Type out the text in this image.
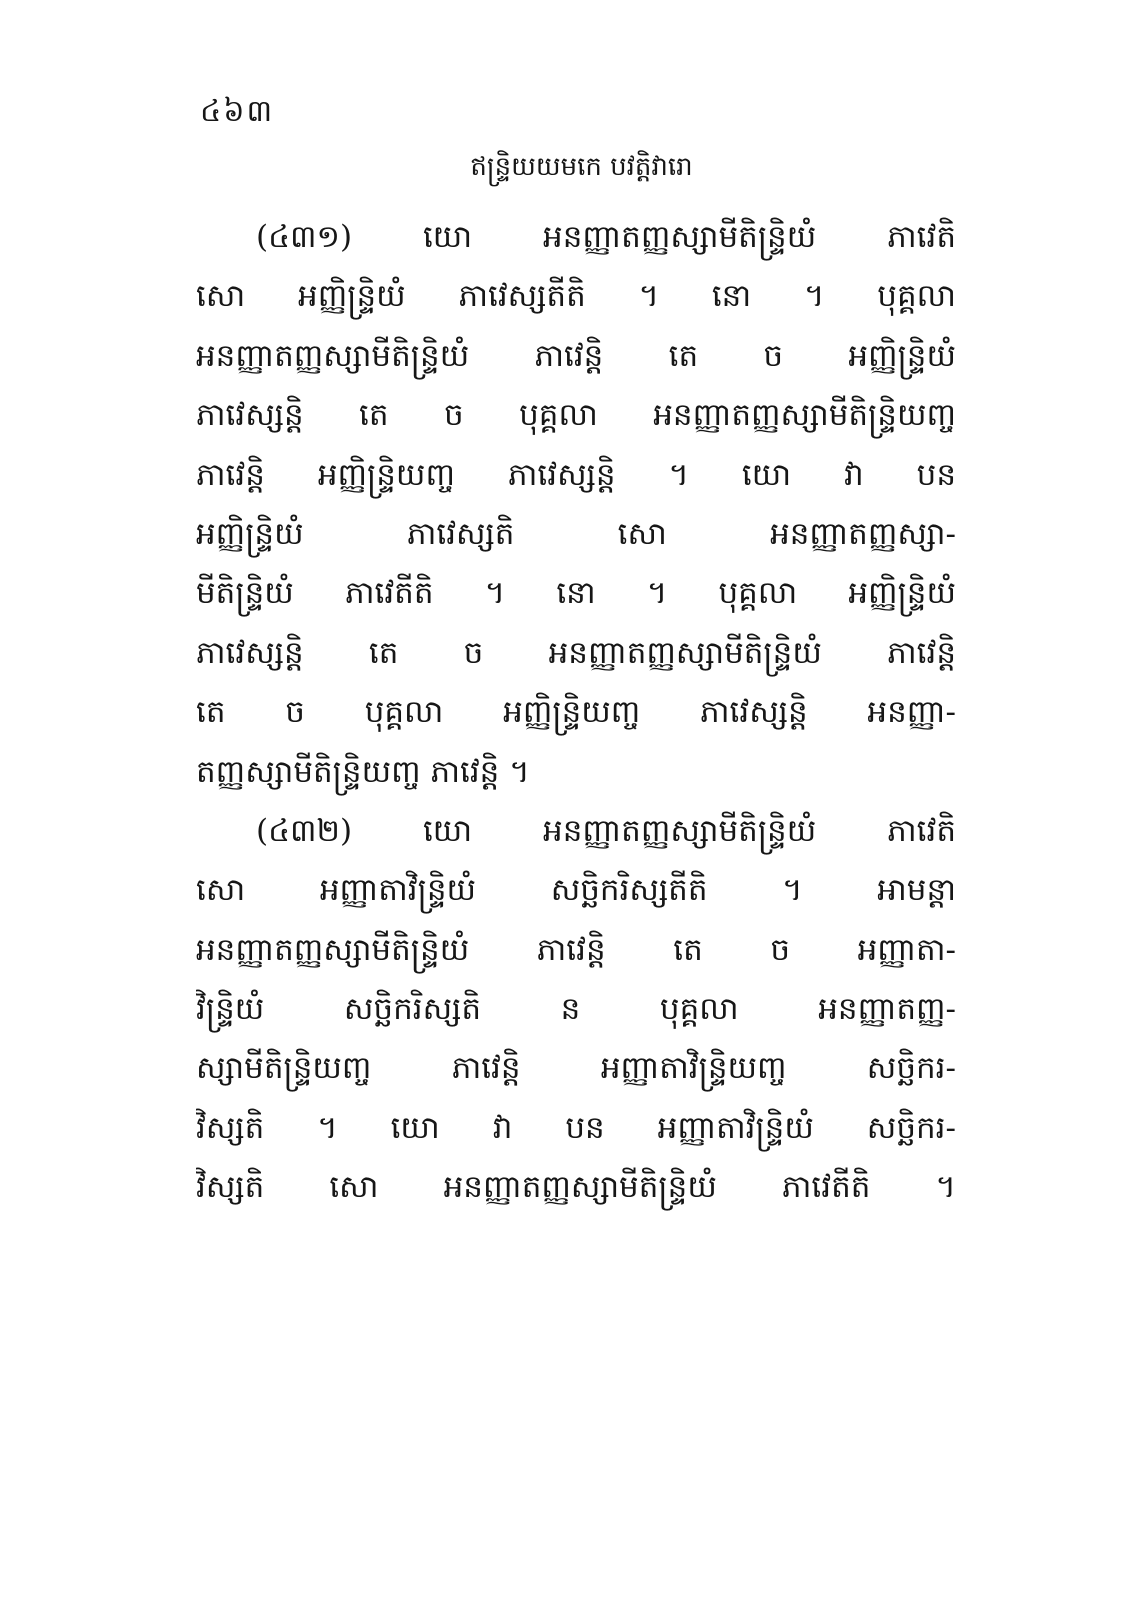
៤៦៣
ឥន្ទ្រិយយមកេ បវត្តិវារោ
(៤៣១) យោ អនញ្ញាតញ្ញស្សាមីតិន្ទ្រិយំ ភាវេតិ
សោ អញ្ញិន្ទ្រិយំ ភាវេស្សតីតិ ។ នោ ។ បុគ្គលា
អនញ្ញាតញ្ញស្សាមីតិន្ទ្រិយំ ភាវេន្តិ តេ ច អញ្ញិន្ទ្រិយំ
ភាវេស្សន្តិ តេ ច បុគ្គលា អនញ្ញាតញ្ញស្សាមីតិន្ទ្រិយញ្ច
ភាវេន្តិ អញ្ញិន្ទ្រិយញ្ច ភាវេស្សន្តិ ។ យោ វា បន
អញ្ញិន្ទ្រិយំ ភាវេស្សតិ សោ អនញ្ញាតញ្ញស្សា-
មីតិន្ទ្រិយំ ភាវេតីតិ ។ នោ ។ បុគ្គលា អញ្ញិន្ទ្រិយំ
ភាវេស្សន្តិ តេ ច អនញ្ញាតញ្ញស្សាមីតិន្ទ្រិយំ ភាវេន្តិ
តេ ច បុគ្គលា អញ្ញិន្ទ្រិយញ្ច ភាវេស្សន្តិ អនញ្ញា-
តញ្ញស្សាមីតិន្ទ្រិយញ្ច ភាវេន្តិ ។
(៤៣២) យោ អនញ្ញាតញ្ញស្សាមីតិន្ទ្រិយំ ភាវេតិ
សោ អញ្ញាតាវិន្ទ្រិយំ សច្ឆិករិស្សតីតិ ។ អាមន្តា
អនញ្ញាតញ្ញស្សាមីតិន្ទ្រិយំ ភាវេន្តិ តេ ច អញ្ញាតា-
វិន្ទ្រិយំ សច្ឆិករិស្សតិ ន បុគ្គលា អនញ្ញាតញ្ញ-
ស្សាមីតិន្ទ្រិយញ្ច ភាវេន្តិ អញ្ញាតាវិន្ទ្រិយញ្ច សច្ឆិករ-
វិស្សតិ ។ យោ វា បន អញ្ញាតាវិន្ទ្រិយំ សច្ឆិករ-
វិស្សតិ សោ អនញ្ញាតញ្ញស្សាមីតិន្ទ្រិយំ ភាវេតីតិ ។
